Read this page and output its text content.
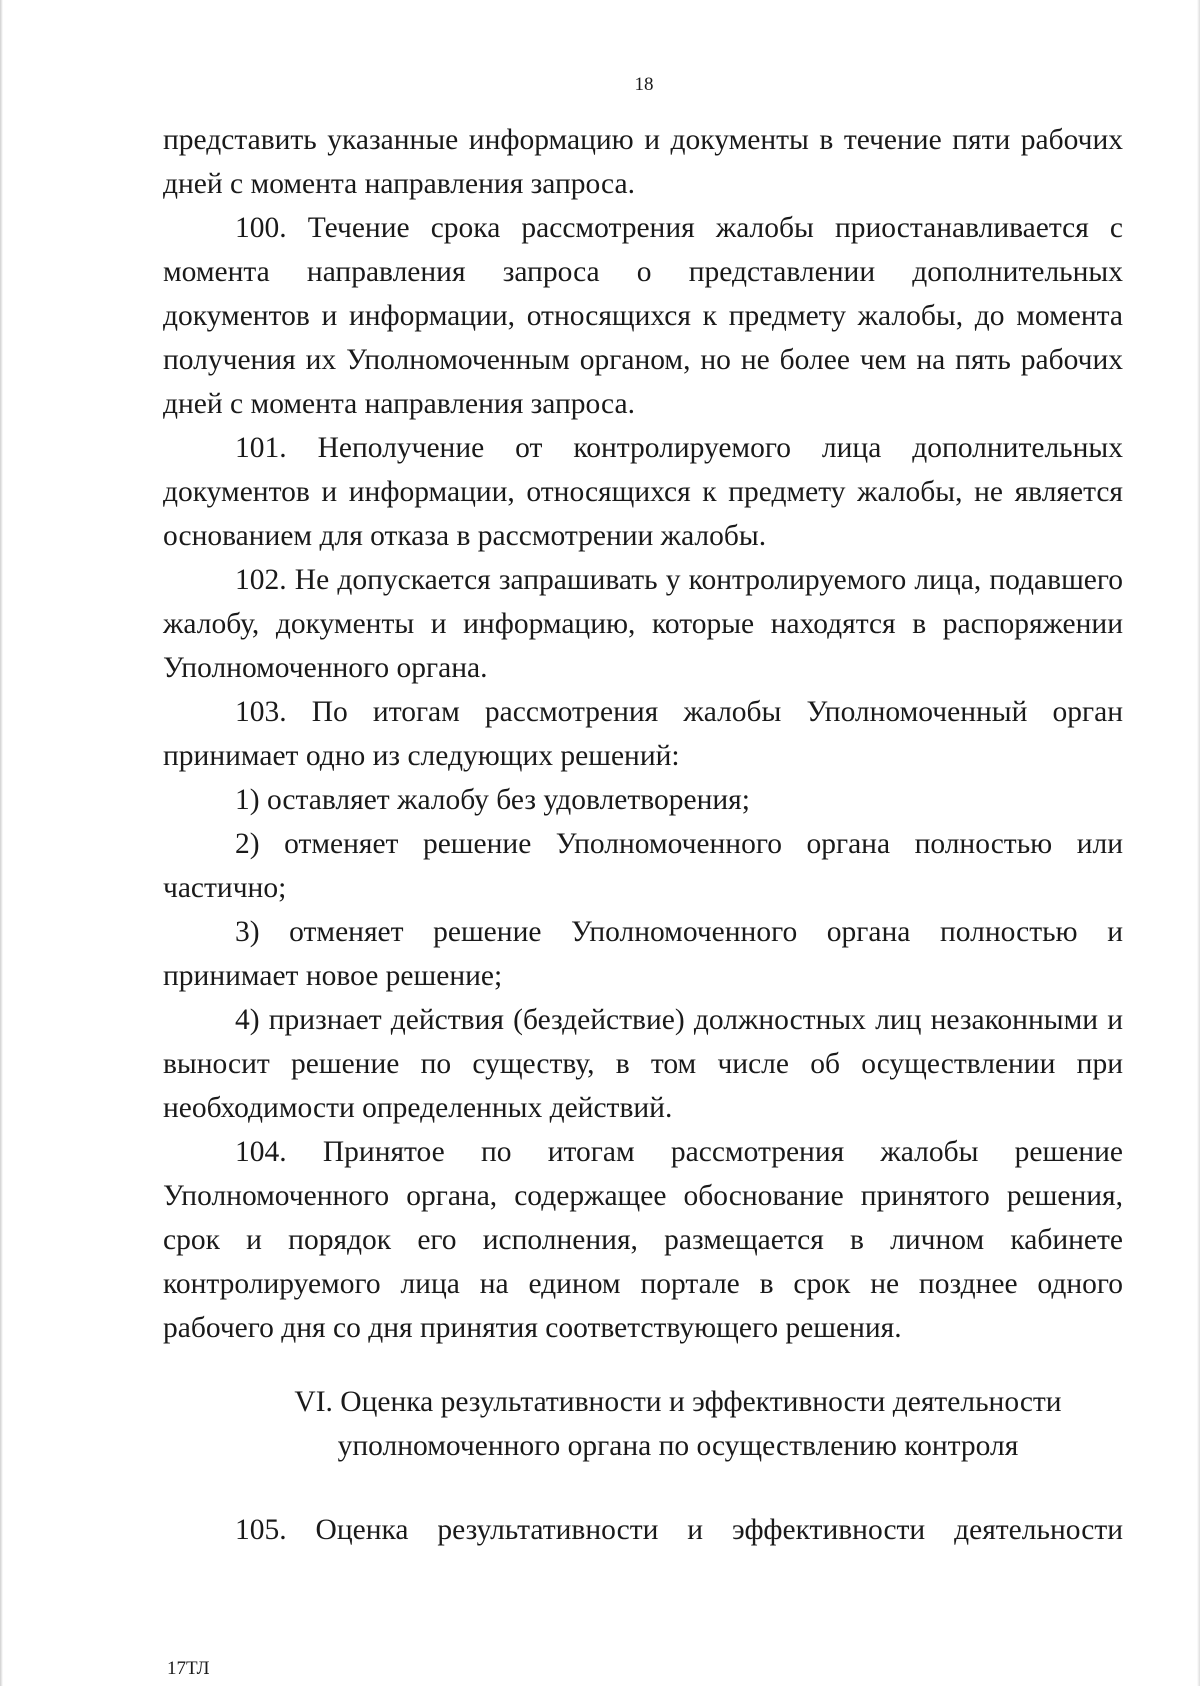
18

представить указанные информацию и документы в течение пяти рабочих дней с момента направления запроса.

100. Течение срока рассмотрения жалобы приостанавливается с момента направления запроса о представлении дополнительных документов и информации, относящихся к предмету жалобы, до момента получения их Уполномоченным органом, но не более чем на пять рабочих дней с момента направления запроса.

101. Неполучение от контролируемого лица дополнительных документов и информации, относящихся к предмету жалобы, не является основанием для отказа в рассмотрении жалобы.

102. Не допускается запрашивать у контролируемого лица, подавшего жалобу, документы и информацию, которые находятся в распоряжении Уполномоченного органа.

103. По итогам рассмотрения жалобы Уполномоченный орган принимает одно из следующих решений:

1) оставляет жалобу без удовлетворения;

2) отменяет решение Уполномоченного органа полностью или частично;

3) отменяет решение Уполномоченного органа полностью и принимает новое решение;

4) признает действия (бездействие) должностных лиц незаконными и выносит решение по существу, в том числе об осуществлении при необходимости определенных действий.

104. Принятое по итогам рассмотрения жалобы решение Уполномоченного органа, содержащее обоснование принятого решения, срок и порядок его исполнения, размещается в личном кабинете контролируемого лица на едином портале в срок не позднее одного рабочего дня со дня принятия соответствующего решения.

VI. Оценка результативности и эффективности деятельности
уполномоченного органа по осуществлению контроля

105. Оценка результативности и эффективности деятельности

17ТЛ
